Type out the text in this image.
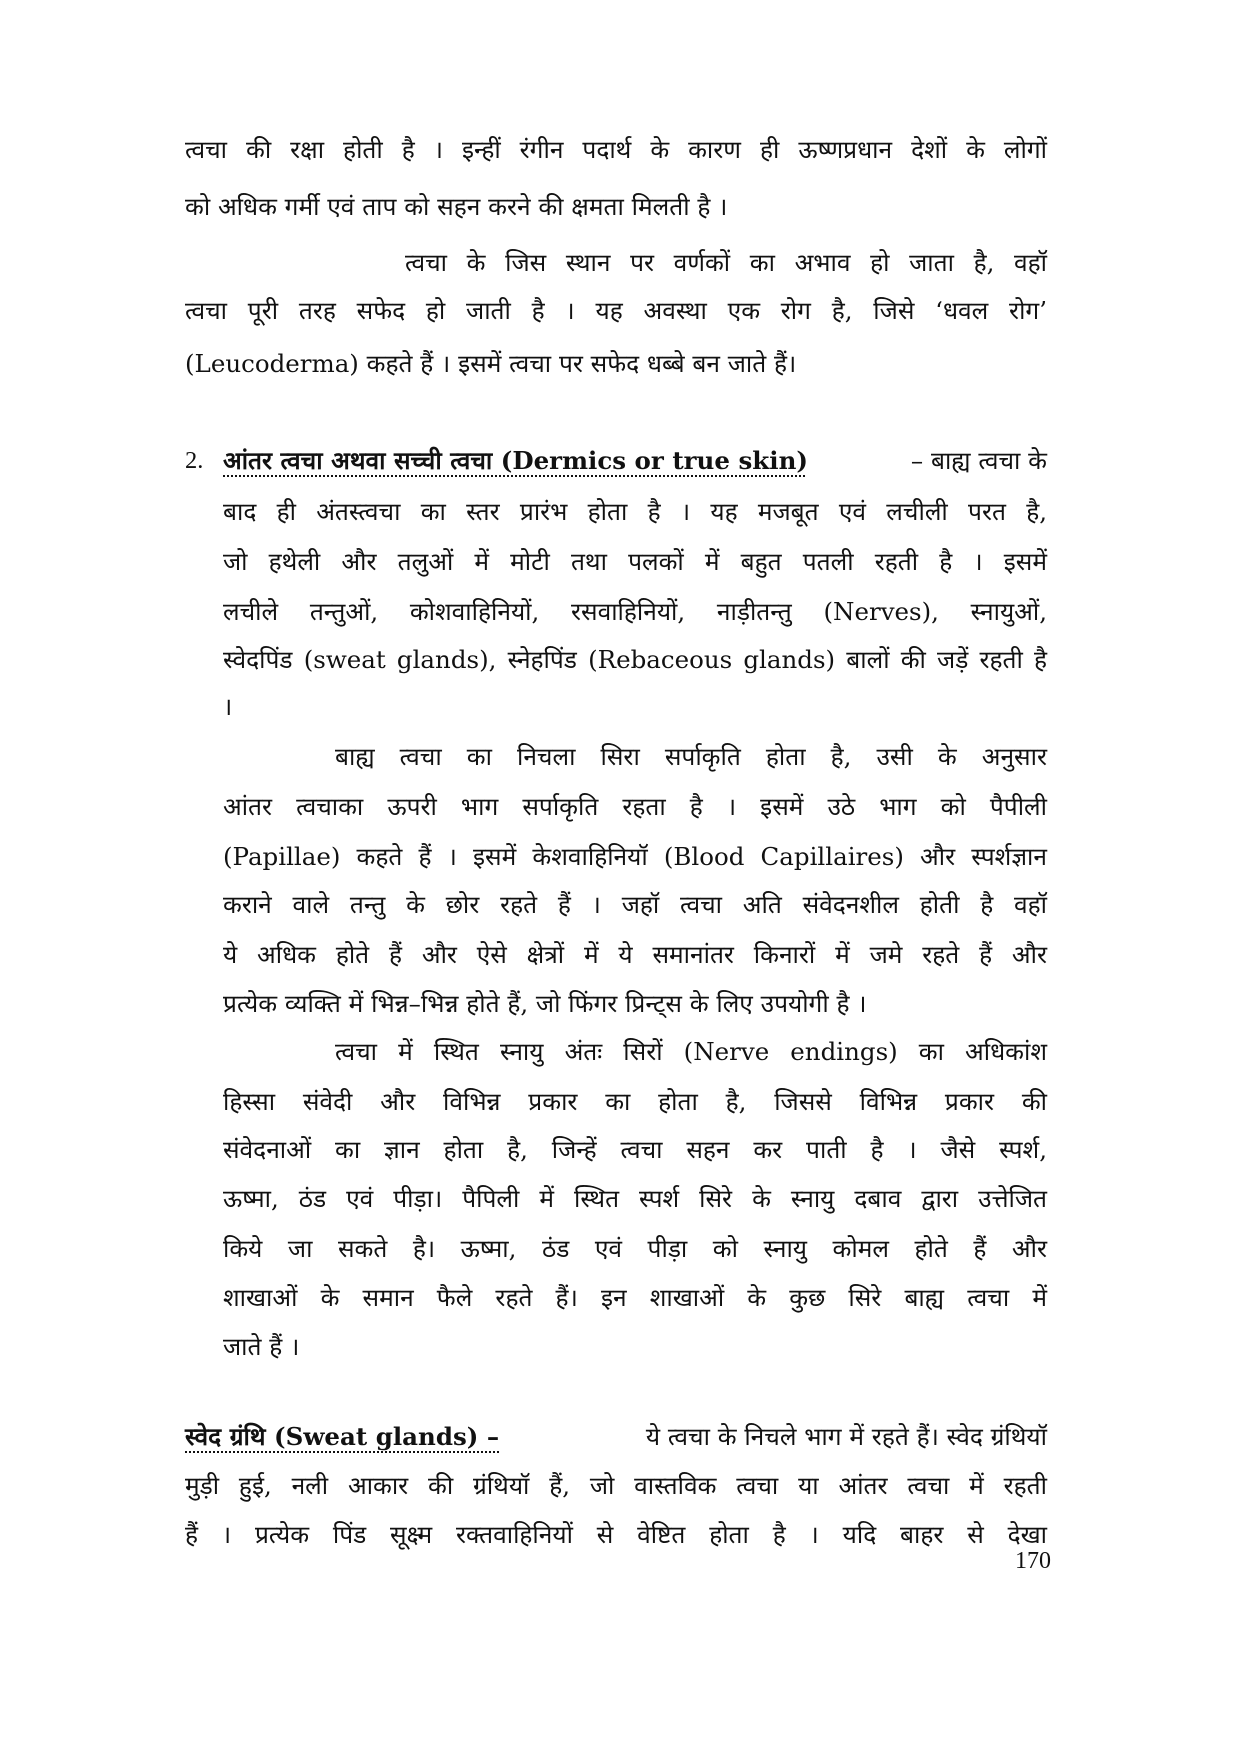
त्वचा की रक्षा होती है । इन्हीं रंगीन पदार्थ के कारण ही ऊष्णप्रधान देशों के लोगों
को अधिक गर्मी एवं ताप को सहन करने की क्षमता मिलती है ।
त्वचा के जिस स्थान पर वर्णकों का अभाव हो जाता है, वहॉ
त्वचा पूरी तरह सफेद हो जाती है । यह अवस्था एक रोग है, जिसे ‘धवल रोग’
(Leucoderma) कहते हैं । इसमें त्वचा पर सफेद धब्बे बन जाते हैं।
2. आंतर त्वचा अथवा सच्ची त्वचा (Dermics or true skin)	– बाह्य त्वचा के
बाद ही अंतस्त्वचा का स्तर प्रारंभ होता है । यह मजबूत एवं लचीली परत है,
जो हथेली और तलुओं में मोटी तथा पलकों में बहुत पतली रहती है । इसमें
लचीले तन्तुओं, कोशवाहिनियों, रसवाहिनियों, नाड़ीतन्तु (Nerves), स्नायुओं,
स्वेदपिंड (sweat glands), स्नेहपिंड (Rebaceous glands) बालों की जड़ें रहती है
।
बाह्य त्वचा का निचला सिरा सर्पाकृति होता है, उसी के अनुसार
आंतर त्वचाका ऊपरी भाग सर्पाकृति रहता है । इसमें उठे भाग को पैपीली
(Papillae) कहते हैं । इसमें केशवाहिनियॉ (Blood Capillaires) और स्पर्शज्ञान
कराने वाले तन्तु के छोर रहते हैं । जहॉ त्वचा अति संवेदनशील होती है वहॉ
ये अधिक होते हैं और ऐसे क्षेत्रों में ये समानांतर किनारों में जमे रहते हैं और
प्रत्येक व्यक्ति में भिन्न–भिन्न होते हैं, जो फिंगर प्रिन्ट्स के लिए उपयोगी है ।
त्वचा में स्थित स्नायु अंतः सिरों (Nerve endings) का अधिकांश
हिस्सा संवेदी और विभिन्न प्रकार का होता है, जिससे विभिन्न प्रकार की
संवेदनाओं का ज्ञान होता है, जिन्हें त्वचा सहन कर पाती है । जैसे स्पर्श,
ऊष्मा, ठंड एवं पीड़ा। पैपिली में स्थित स्पर्श सिरे के स्नायु दबाव द्वारा उत्तेजित
किये जा सकते है। ऊष्मा, ठंड एवं पीड़ा को स्नायु कोमल होते हैं और
शाखाओं के समान फैले रहते हैं। इन शाखाओं के कुछ सिरे बाह्य त्वचा में
जाते हैं ।
स्वेद ग्रंथि (Sweat glands) –	ये त्वचा के निचले भाग में रहते हैं। स्वेद ग्रंथियॉ
मुड़ी हुई, नली आकार की ग्रंथियॉ हैं, जो वास्तविक त्वचा या आंतर त्वचा में रहती
हैं । प्रत्येक पिंड सूक्ष्म रक्तवाहिनियों से वेष्टित होता है । यदि बाहर से देखा
170
